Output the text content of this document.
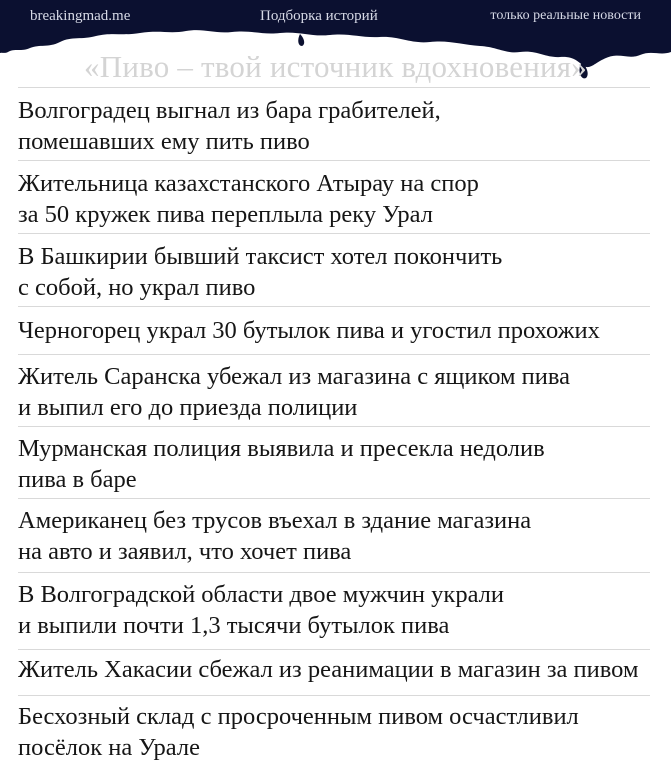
breakingmad.me	Подборка историй	только реальные новости
«Пиво – твой источник вдохновения»
Волгоградец выгнал из бара грабителей,
помешавших ему пить пиво
Жительница казахстанского Атырау на спор
за 50 кружек пива переплыла реку Урал
В Башкирии бывший таксист хотел покончить
с собой, но украл пиво
Черногорец украл 30 бутылок пива и угостил прохожих
Житель Саранска убежал из магазина с ящиком пива
и выпил его до приезда полиции
Мурманская полиция выявила и пресекла недолив
пива в баре
Американец без трусов въехал в здание магазина
на авто и заявил, что хочет пива
В Волгоградской области двое мужчин украли
и выпили почти 1,3 тысячи бутылок пива
Житель Хакасии сбежал из реанимации в магазин за пивом
Бесхозный склад с просроченным пивом осчастливил
посёлок на Урале
